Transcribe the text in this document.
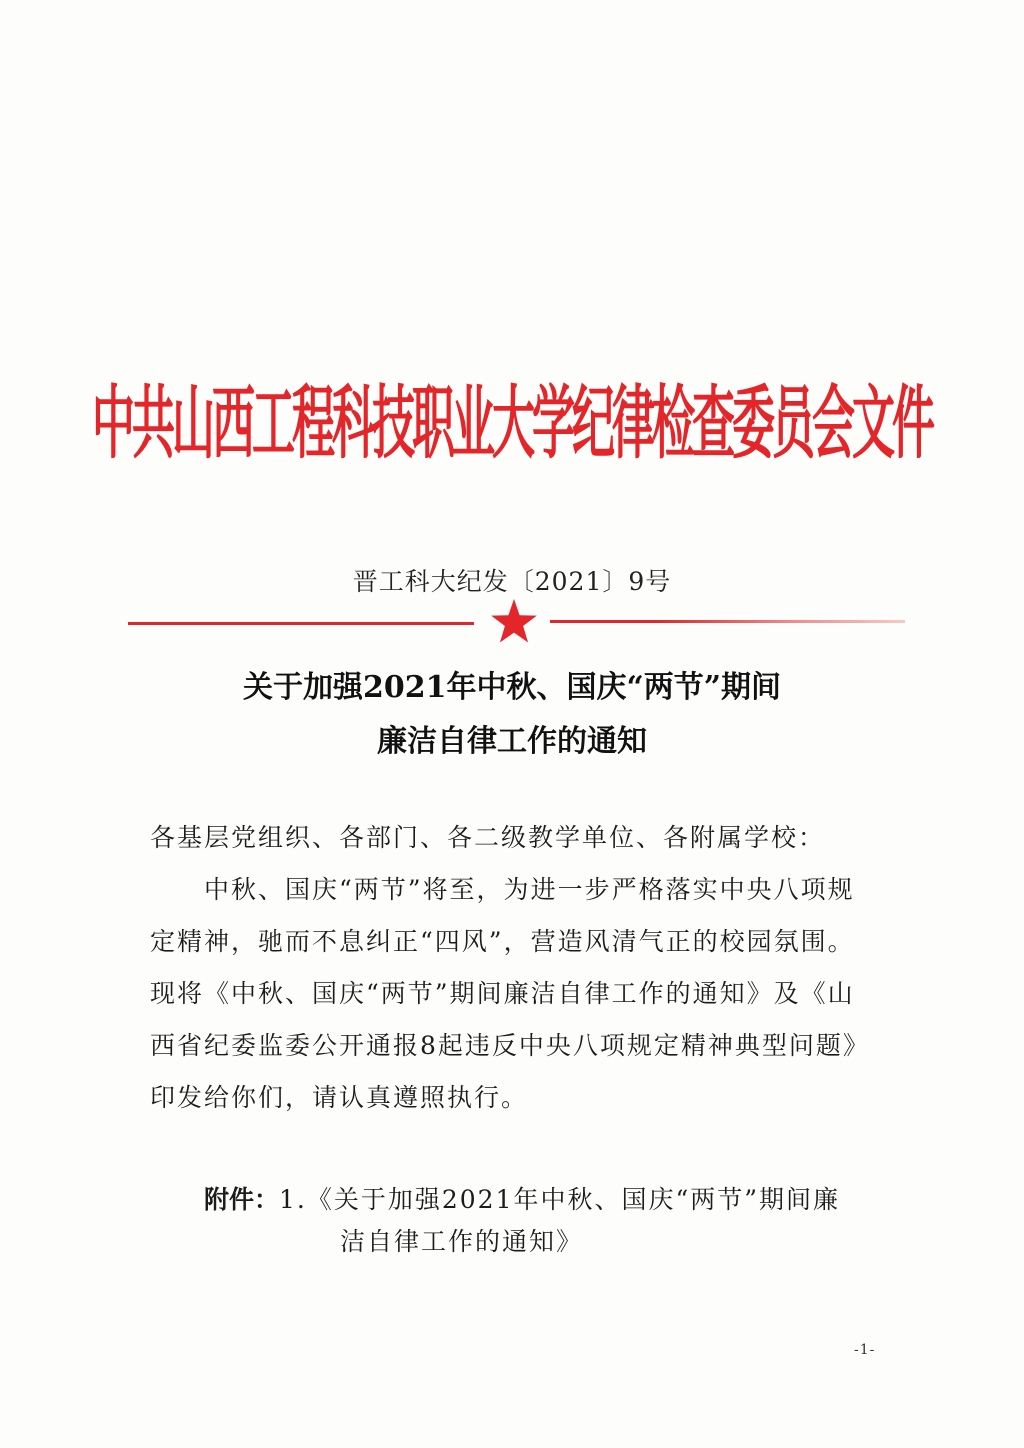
中共山西工程科技职业大学纪律检查委员会文件
晋工科大纪发〔2021〕9号
关于加强2021年中秋、国庆“两节”期间
廉洁自律工作的通知
各基层党组织、各部门、各二级教学单位、各附属学校：
中秋、国庆“两节”将至，为进一步严格落实中央八项规
定精神，驰而不息纠正“四风”，营造风清气正的校园氛围。
现将《中秋、国庆“两节”期间廉洁自律工作的通知》及《山
西省纪委监委公开通报8起违反中央八项规定精神典型问题》
印发给你们，请认真遵照执行。
附件：1.《关于加强2021年中秋、国庆“两节”期间廉
洁自律工作的通知》
-1-
